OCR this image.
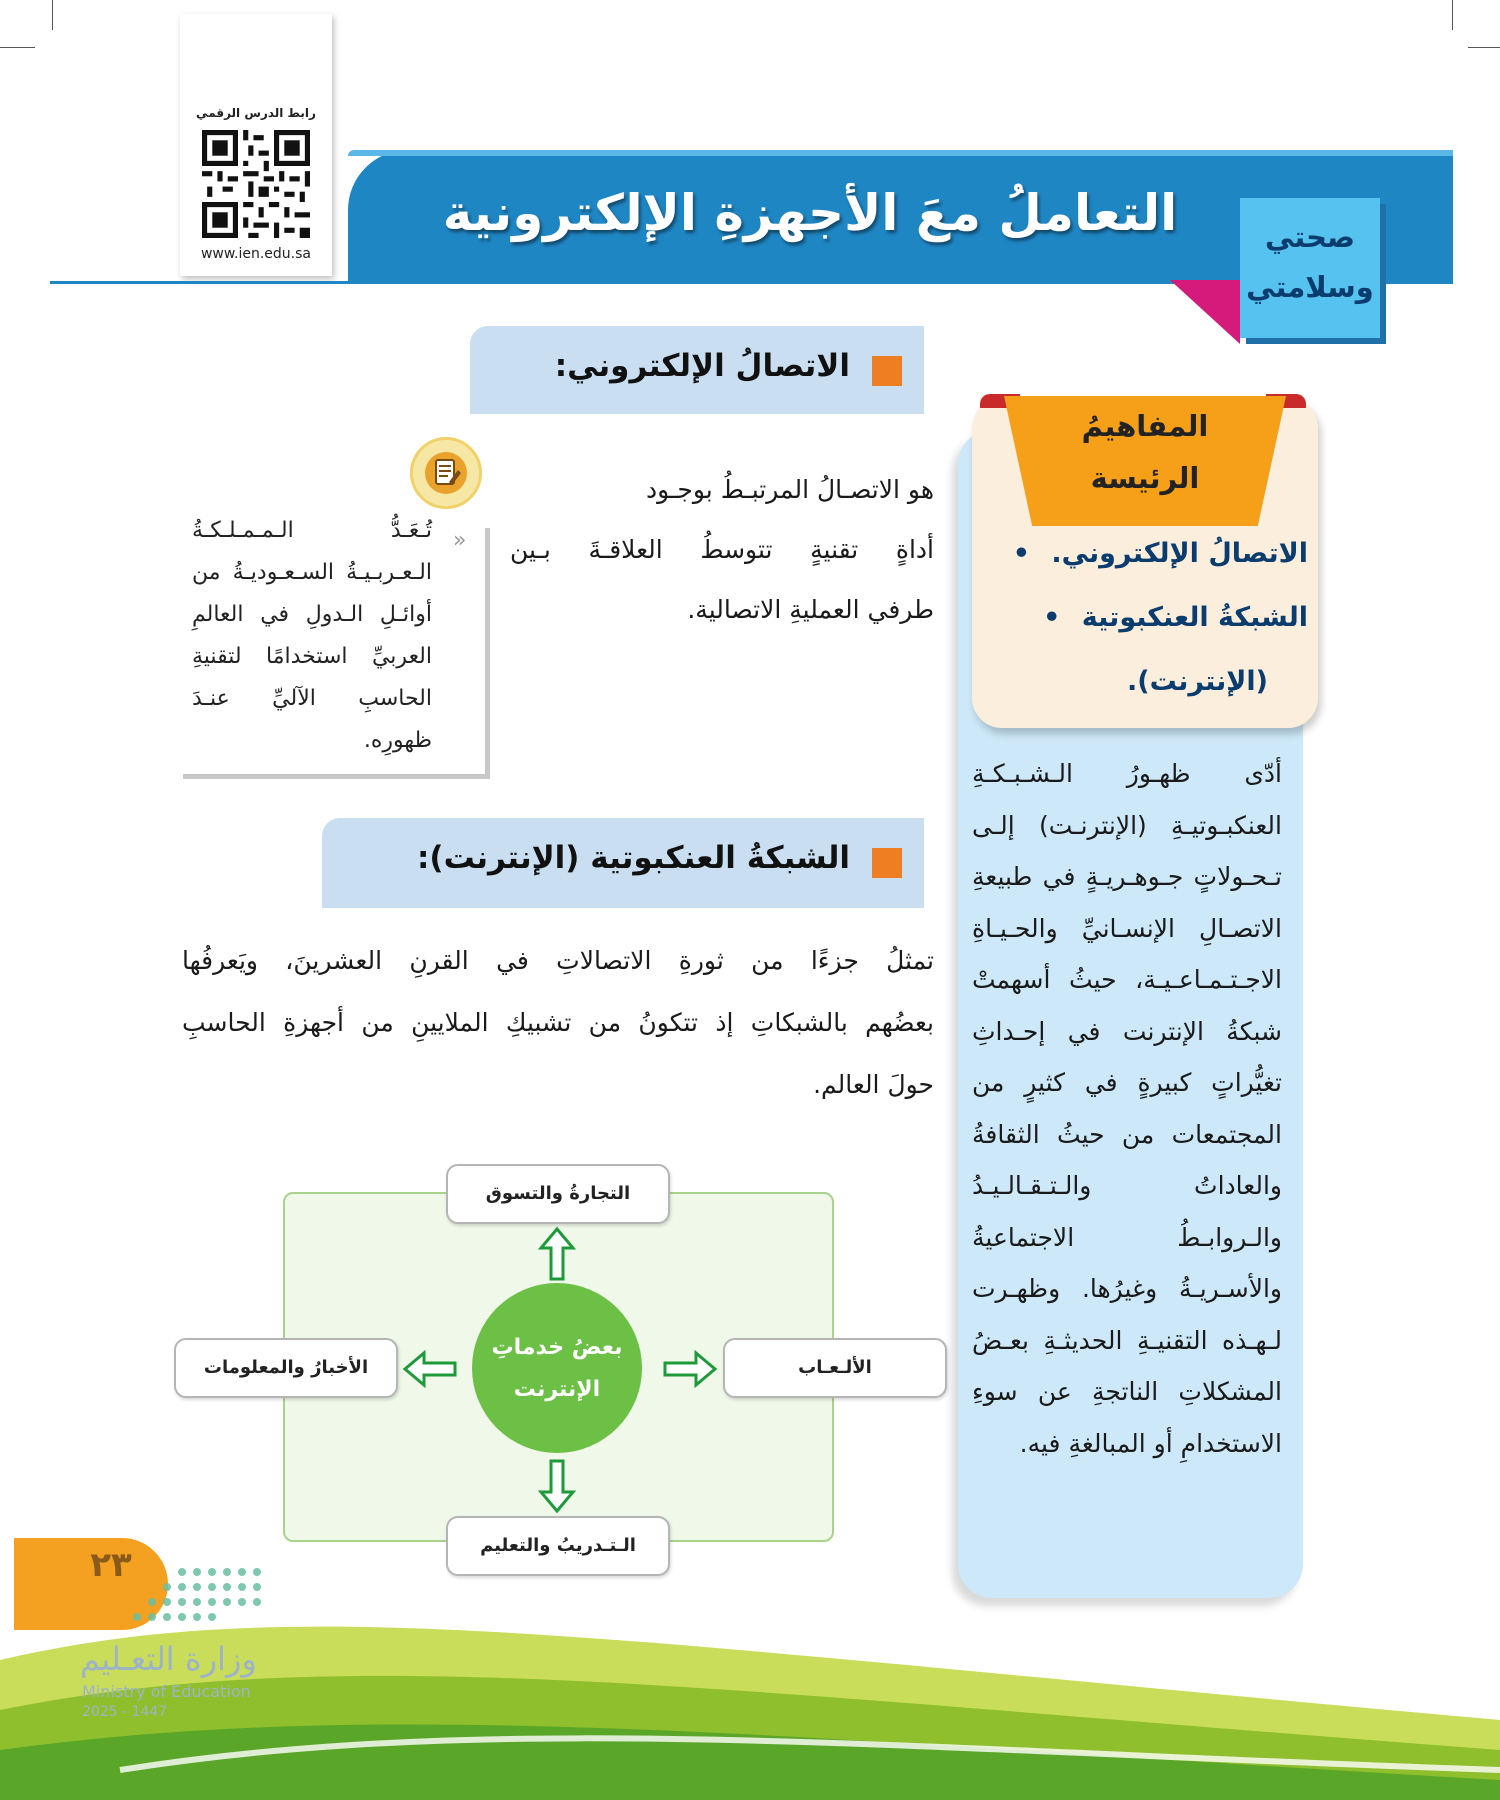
رابط الدرس الرقمي
www.ien.edu.sa
التعاملُ معَ الأجهزةِ الإلكترونية	صحتي
وسلامتي
الاتصالُ الإلكتروني:
هو الاتصـالُ المرتبـطُ بوجـود
أداةٍ تقنيةٍ تتوسطُ العلاقـةَ بـين
طرفي العمليةِ الاتصالية.
»
تُـعَـدُّ الـمـمـلـكـةُ الـعـربـيـةُ السـعـوديـةُ من أوائـلِ الـدولِ في العالمِ العربيِّ استخدامًا لتقنيةِ الحاسبِ الآليِّ عنـدَ ظهورِه.
الشبكةُ العنكبوتية (الإنترنت):
تمثلُ جزءًا من ثورةِ الاتصالاتِ في القرنِ العشرينَ، ويَعرفُها
بعضُهم بالشبكاتِ إذ تتكونُ من تشبيكِ الملايينِ من أجهزةِ الحاسبِ
حولَ العالم.
المفاهيمُ
الرئيسة
الاتصالُ الإلكتروني. •
الشبكةُ العنكبوتية •
(الإنترنت).
أدّى ظهـورُ الـشـبـكـةِ العنكبـوتيـةِ (الإنترنـت) إلـى تـحـولاتٍ جـوهـريـةٍ في طبيعةِ الاتصـالِ الإنسـانيِّ والحـيـاةِ الاجـتـمـاعـيـة، حيثُ أسهمتْ شبكةُ الإنترنت في إحـداثِ تغيُّراتٍ كبيرةٍ في كثيرٍ من المجتمعات من حيثُ الثقافةُ والعاداتُ والـتـقـالـيـدُ والـروابـطُ الاجتماعيةُ والأسـريـةُ وغيرُها. وظهـرت لـهـذه التقنيـةِ الحديثـةِ بعـضُ المشكلاتِ الناتجةِ عن سوءِ الاستخدامِ أو المبالغةِ فيه.
التجارةُ والتسوق
الألـعـاب
الـتـدريبُ والتعليم
الأخبارُ والمعلومات
بعضُ خدماتِ
الإنترنت
٢٣
وزارة التعـليم
Ministry of Education
2025 - 1447
